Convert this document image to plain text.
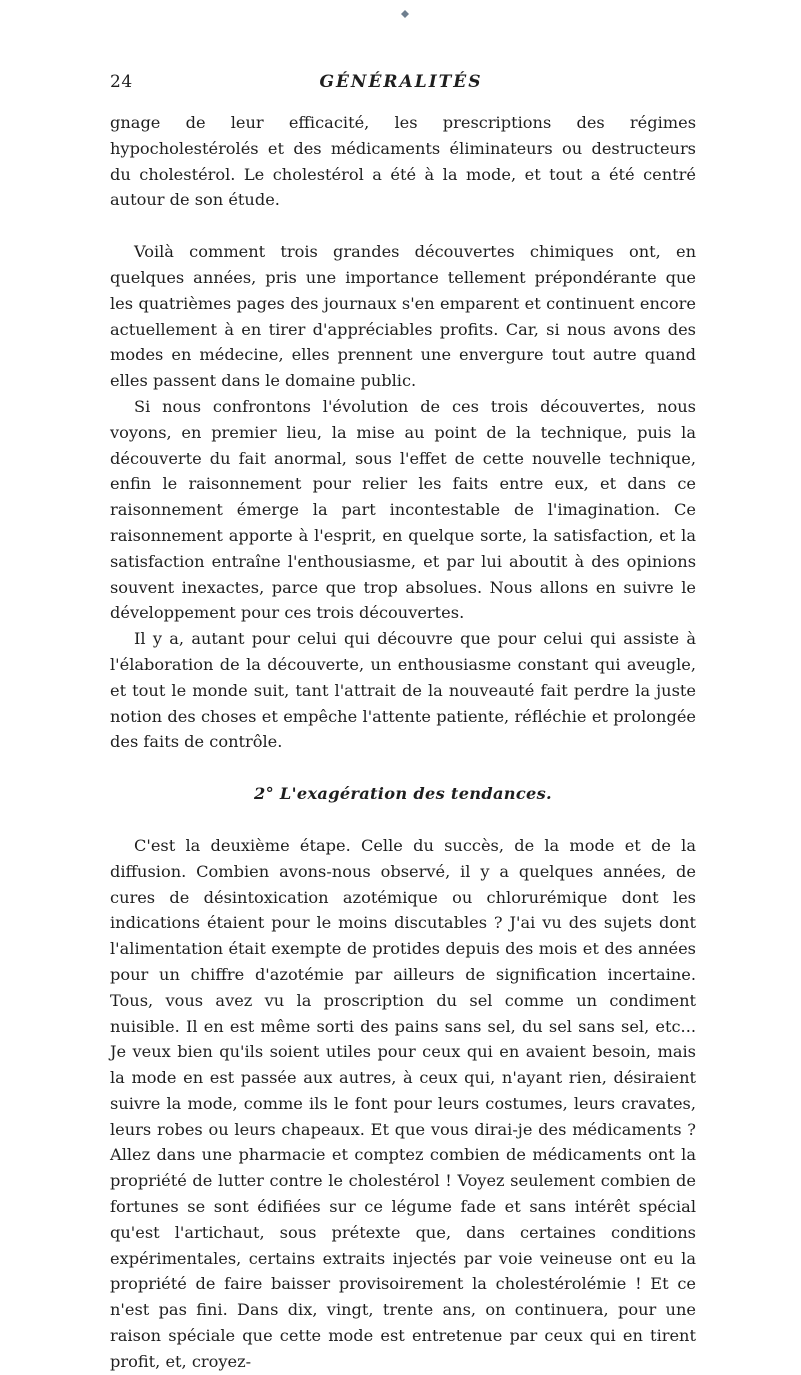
24	GÉNÉRALITÉS

gnage de leur efficacité, les prescriptions des régimes hypocholestérolés et des médicaments éliminateurs ou destructeurs du cholestérol. Le cholestérol a été à la mode, et tout a été centré autour de son étude.

Voilà comment trois grandes découvertes chimiques ont, en quelques années, pris une importance tellement prépondérante que les quatrièmes pages des journaux s'en emparent et continuent encore actuellement à en tirer d'appréciables profits. Car, si nous avons des modes en médecine, elles prennent une envergure tout autre quand elles passent dans le domaine public.

Si nous confrontons l'évolution de ces trois découvertes, nous voyons, en premier lieu, la mise au point de la technique, puis la découverte du fait anormal, sous l'effet de cette nouvelle technique, enfin le raisonnement pour relier les faits entre eux, et dans ce raisonnement émerge la part incontestable de l'imagination. Ce raisonnement apporte à l'esprit, en quelque sorte, la satisfaction, et la satisfaction entraîne l'enthousiasme, et par lui aboutit à des opinions souvent inexactes, parce que trop absolues. Nous allons en suivre le développement pour ces trois découvertes.

Il y a, autant pour celui qui découvre que pour celui qui assiste à l'élaboration de la découverte, un enthousiasme constant qui aveugle, et tout le monde suit, tant l'attrait de la nouveauté fait perdre la juste notion des choses et empêche l'attente patiente, réfléchie et prolongée des faits de contrôle.

2° L'exagération des tendances.

C'est la deuxième étape. Celle du succès, de la mode et de la diffusion. Combien avons-nous observé, il y a quelques années, de cures de désintoxication azotémique ou chlorurémique dont les indications étaient pour le moins discutables ? J'ai vu des sujets dont l'alimentation était exempte de protides depuis des mois et des années pour un chiffre d'azotémie par ailleurs de signification incertaine. Tous, vous avez vu la proscription du sel comme un condiment nuisible. Il en est même sorti des pains sans sel, du sel sans sel, etc... Je veux bien qu'ils soient utiles pour ceux qui en avaient besoin, mais la mode en est passée aux autres, à ceux qui, n'ayant rien, désiraient suivre la mode, comme ils le font pour leurs costumes, leurs cravates, leurs robes ou leurs chapeaux. Et que vous dirai-je des médicaments ? Allez dans une pharmacie et comptez combien de médicaments ont la propriété de lutter contre le cholestérol ! Voyez seulement combien de fortunes se sont édifiées sur ce légume fade et sans intérêt spécial qu'est l'artichaut, sous prétexte que, dans certaines conditions expérimentales, certains extraits injectés par voie veineuse ont eu la propriété de faire baisser provisoirement la cholestérolémie ! Et ce n'est pas fini. Dans dix, vingt, trente ans, on continuera, pour une raison spéciale que cette mode est entretenue par ceux qui en tirent profit, et, croyez-
